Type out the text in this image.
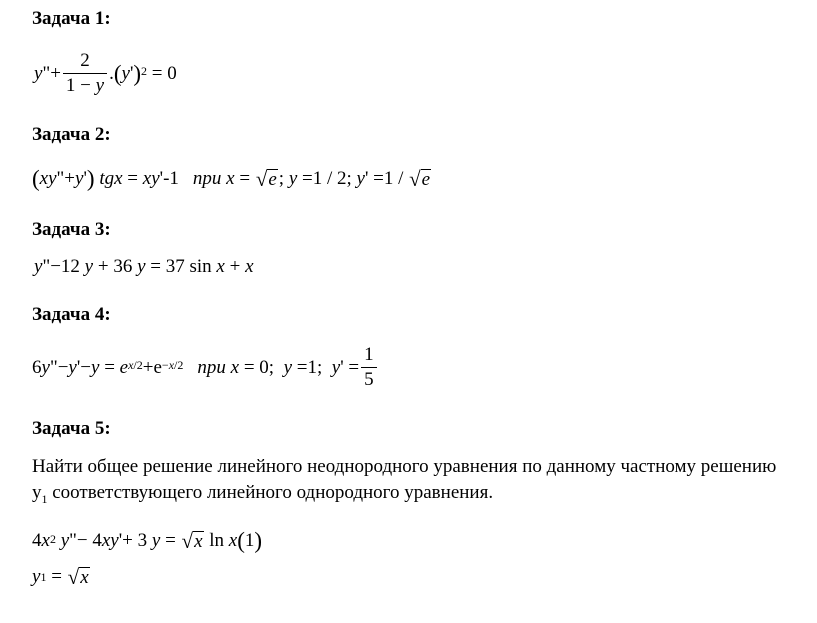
Задача 1:
y "+ $\frac{2}{1 - y}$ . ( y ' )$^2$ = 0
Задача 2:
( xy "+ y ' )
tgx = xy '-1 при
x = √ e ; y =1 / 2; y ' =1 / √ e
Задача 3:
y "−12 y + 36 y = 37 sin x + x
Задача 4:
6 y "− y '− y = e $^{x/2} +e^{-x/2}$ при
x = 0; y =1; y ' = $\frac{1}{5}$
Задача 5:
Найти общее решение линейного неоднородного уравнения по данному частному решению $y_1$ соответствующего линейного однородного уравнения.
4 $x^2$
y "− 4 xy '+ 3 y = √ x ln x ( 1 )
y 1 = √ x
